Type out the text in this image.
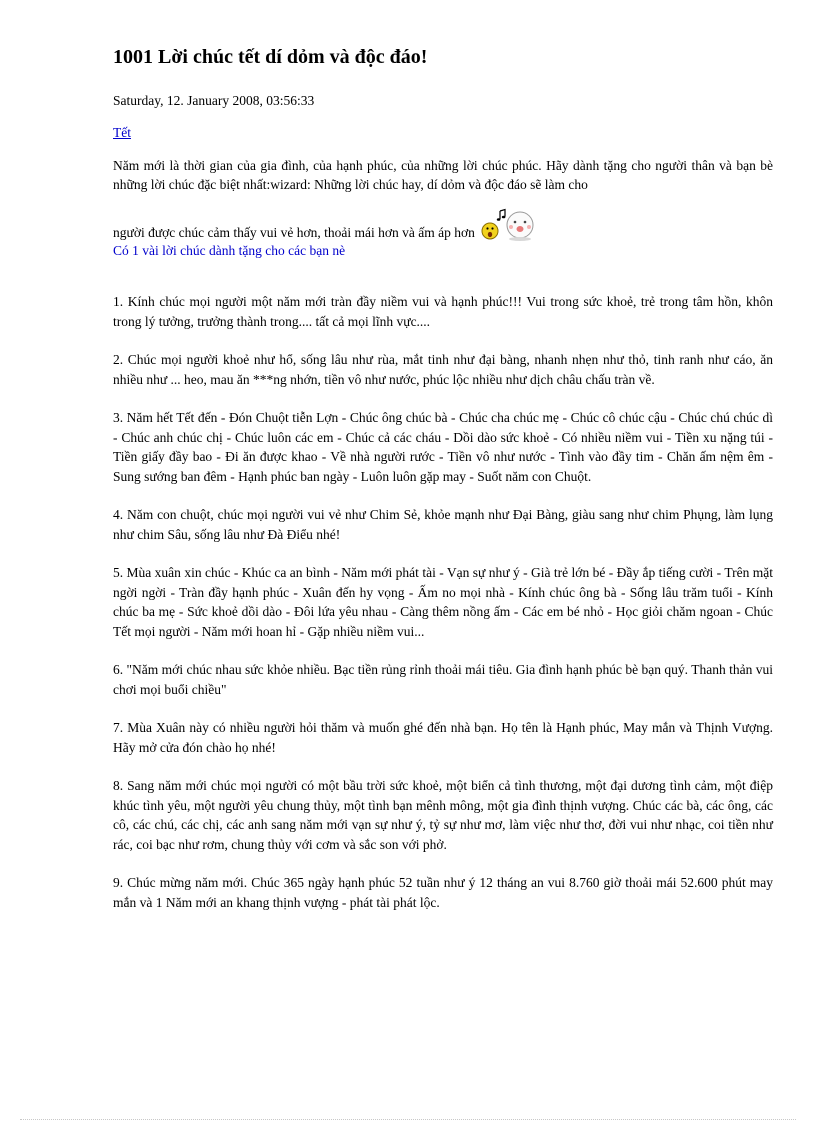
1001 Lời chúc tết dí dỏm và độc đáo!
Saturday, 12. January 2008, 03:56:33
Tết
Năm mới là thời gian của gia đình, của hạnh phúc, của những lời chúc phúc. Hãy dành tặng cho người thân và bạn bè những lời chúc đặc biệt nhất:wizard: Những lời chúc hay, dí dỏm và độc đáo sẽ làm cho
người được chúc cảm thấy vui vẻ hơn, thoải mái hơn và ấm áp hơn
Có 1 vài lời chúc dành tặng cho các bạn nè

1. Kính chúc mọi người một năm mới tràn đầy niềm vui và hạnh phúc!!! Vui trong sức khoẻ, trẻ trong tâm hồn, khôn trong lý tưởng, trưởng thành trong.... tất cả mọi lĩnh vực....

2. Chúc mọi người khoẻ như hổ, sống lâu như rùa, mắt tinh như đại bàng, nhanh nhẹn như thỏ, tinh ranh như cáo, ăn nhiều như ... heo, mau ăn ***ng nhớn, tiền vô như nước, phúc lộc nhiều như dịch châu chấu tràn về.

3. Năm hết Tết đến - Đón Chuột tiễn Lợn - Chúc ông chúc bà - Chúc cha chúc mẹ - Chúc cô chúc cậu - Chúc chú chúc dì - Chúc anh chúc chị - Chúc luôn các em - Chúc cả các cháu - Dồi dào sức khoẻ - Có nhiều niềm vui - Tiền xu nặng túi - Tiền giấy đầy bao - Đi ăn được khao - Về nhà người rước - Tiền vô như nước - Tình vào đầy tim - Chăn ấm nệm êm - Sung sướng ban đêm - Hạnh phúc ban ngày - Luôn luôn gặp may - Suốt năm con Chuột.

4. Năm con chuột, chúc mọi người vui vẻ như Chim Sẻ, khỏe mạnh như Đại Bàng, giàu sang như chim Phụng, làm lụng như chim Sâu, sống lâu như Đà Điểu nhé!

5. Mùa xuân xin chúc - Khúc ca an bình - Năm mới phát tài - Vạn sự như ý - Già trẻ lớn bé - Đầy ắp tiếng cười - Trên mặt ngời ngời - Tràn đầy hạnh phúc - Xuân đến hy vọng - Ấm no mọi nhà - Kính chúc ông bà - Sống lâu trăm tuổi - Kính chúc ba mẹ - Sức khoẻ dồi dào - Đôi lứa yêu nhau - Càng thêm nồng ấm - Các em bé nhỏ - Học giỏi chăm ngoan - Chúc Tết mọi người - Năm mới hoan hỉ - Gặp nhiều niềm vui...

6. "Năm mới chúc nhau sức khỏe nhiều. Bạc tiền rủng rỉnh thoải mái tiêu. Gia đình hạnh phúc bè bạn quý. Thanh thản vui chơi mọi buổi chiều"

7. Mùa Xuân này có nhiều người hỏi thăm và muốn ghé đến nhà bạn. Họ tên là Hạnh phúc, May mắn và Thịnh Vượng. Hãy mở cửa đón chào họ nhé!

8. Sang năm mới chúc mọi người có một bầu trời sức khoẻ, một biển cả tình thương, một đại dương tình cảm, một điệp khúc tình yêu, một người yêu chung thủy, một tình bạn mênh mông, một gia đình thịnh vượng. Chúc các bà, các ông, các cô, các chú, các chị, các anh sang năm mới vạn sự như ý, tỷ sự như mơ, làm việc như thơ, đời vui như nhạc, coi tiền như rác, coi bạc như rơm, chung thủy với cơm và sắc son với phở.

9. Chúc mừng năm mới. Chúc 365 ngày hạnh phúc 52 tuần như ý 12 tháng an vui 8.760 giờ thoải mái 52.600 phút may mắn và 1 Năm mới an khang thịnh vượng - phát tài phát lộc.
